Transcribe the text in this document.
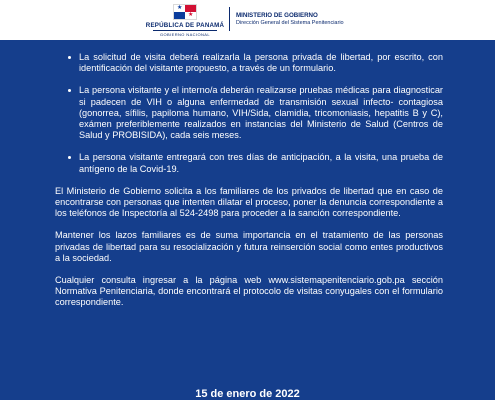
★
★
REPÚBLICA DE PANAMÁ
GOBIERNO NACIONAL
MINISTERIO DE GOBIERNO
Dirección General del Sistema Penitenciario
La solicitud de visita deberá realizarla la persona privada de libertad, por escrito, con identificación del visitante propuesto, a través de un formulario.
La persona visitante y el interno/a deberán realizarse pruebas médicas para diagnosticar si padecen de VIH o alguna enfermedad de transmisión sexual infecto- contagiosa (gonorrea, sífilis, papiloma humano, VIH/Sida, clamidia, tricomoniasis, hepatitis B y C), exámen preferiblemente realizados en instancias del Ministerio de Salud (Centros de Salud y PROBISIDA), cada seis meses.
La persona visitante entregará con tres días de anticipación, a la visita, una prueba de antígeno de la Covid-19.

El Ministerio de Gobierno solicita a los familiares de los privados de libertad que en caso de encontrarse con personas que intenten dilatar el proceso, poner la denuncia correspondiente a los teléfonos de Inspectoría al 524-2498 para proceder a la sanción correspondiente.

Mantener los lazos familiares es de suma importancia en el tratamiento de las personas privadas de libertad para su resocialización y futura reinserción social como entes productivos a la sociedad.

Cualquier consulta ingresar a la página web www.sistemapenitenciario.gob.pa sección Normativa Penitenciaria, donde encontrará el protocolo de visitas conyugales con el formulario correspondiente.

15 de enero de 2022
